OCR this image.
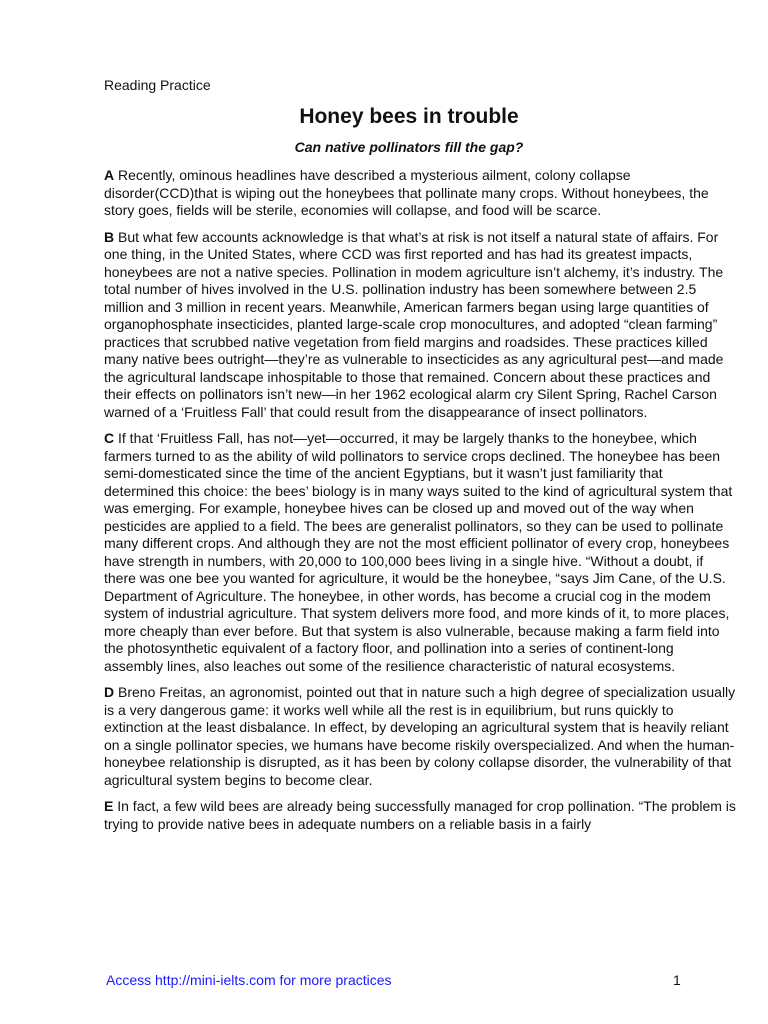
Reading Practice
Honey bees in trouble
Can native pollinators fill the gap?

A Recently, ominous headlines have described a mysterious ailment, colony collapse disorder(CCD)that is wiping out the honeybees that pollinate many crops. Without honeybees, the story goes, fields will be sterile, economies will collapse, and food will be scarce.

B But what few accounts acknowledge is that what’s at risk is not itself a natural state of affairs. For one thing, in the United States, where CCD was first reported and has had its greatest impacts, honeybees are not a native species. Pollination in modem agriculture isn’t alchemy, it’s industry. The total number of hives involved in the U.S. pollination industry has been somewhere between 2.5 million and 3 million in recent years. Meanwhile, American farmers began using large quantities of organophosphate insecticides, planted large-scale crop monocultures, and adopted “clean farming” practices that scrubbed native vegetation from field margins and roadsides. These practices killed many native bees outright—they’re as vulnerable to insecticides as any agricultural pest—and made the agricultural landscape inhospitable to those that remained. Concern about these practices and their effects on pollinators isn’t new—in her 1962 ecological alarm cry Silent Spring, Rachel Carson warned of a ‘Fruitless Fall’ that could result from the disappearance of insect pollinators.

C If that ‘Fruitless Fall, has not—yet—occurred, it may be largely thanks to the honeybee, which farmers turned to as the ability of wild pollinators to service crops declined. The honeybee has been semi-domesticated since the time of the ancient Egyptians, but it wasn’t just familiarity that determined this choice: the bees’ biology is in many ways suited to the kind of agricultural system that was emerging. For example, honeybee hives can be closed up and moved out of the way when pesticides are applied to a field. The bees are generalist pollinators, so they can be used to pollinate many different crops. And although they are not the most efficient pollinator of every crop, honeybees have strength in numbers, with 20,000 to 100,000 bees living in a single hive. “Without a doubt, if there was one bee you wanted for agriculture, it would be the honeybee, “says Jim Cane, of the U.S. Department of Agriculture. The honeybee, in other words, has become a crucial cog in the modem system of industrial agriculture. That system delivers more food, and more kinds of it, to more places, more cheaply than ever before. But that system is also vulnerable, because making a farm field into the photosynthetic equivalent of a factory floor, and pollination into a series of continent-long assembly lines, also leaches out some of the resilience characteristic of natural ecosystems.

D Breno Freitas, an agronomist, pointed out that in nature such a high degree of specialization usually is a very dangerous game: it works well while all the rest is in equilibrium, but runs quickly to extinction at the least disbalance. In effect, by developing an agricultural system that is heavily reliant on a single pollinator species, we humans have become riskily overspecialized. And when the human-honeybee relationship is disrupted, as it has been by colony collapse disorder, the vulnerability of that agricultural system begins to become clear.

E In fact, a few wild bees are already being successfully managed for crop pollination. “The problem is trying to provide native bees in adequate numbers on a reliable basis in a fairly

Access http://mini-ielts.com for more practices	1
